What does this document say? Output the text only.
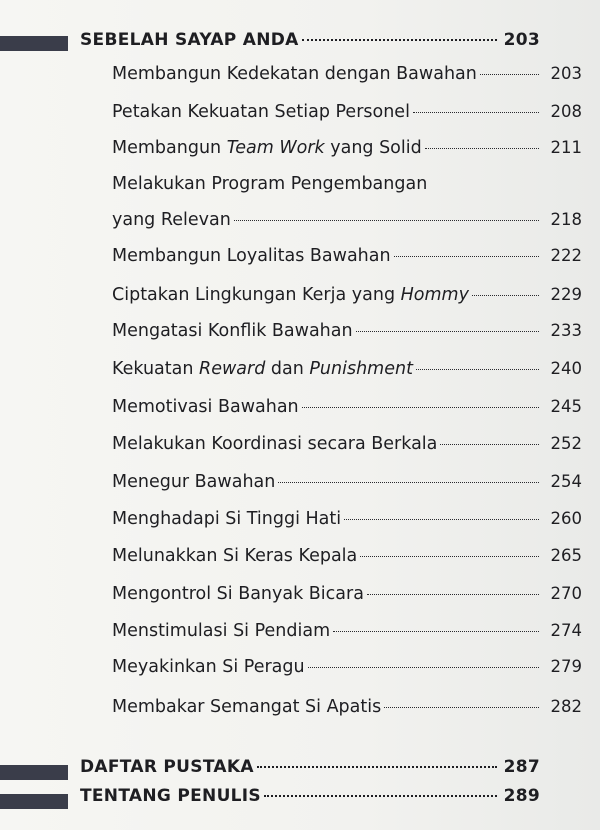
SEBELAH SAYAP ANDA	203
Membangun Kedekatan dengan Bawahan	203
Petakan Kekuatan Setiap Personel	208
Membangun Team Work yang Solid	211
Melakukan Program Pengembangan
yang Relevan	218
Membangun Loyalitas Bawahan	222
Ciptakan Lingkungan Kerja yang Hommy	229
Mengatasi Konflik Bawahan	233
Kekuatan Reward dan Punishment	240
Memotivasi Bawahan	245
Melakukan Koordinasi secara Berkala	252
Menegur Bawahan	254
Menghadapi Si Tinggi Hati	260
Melunakkan Si Keras Kepala	265
Mengontrol Si Banyak Bicara	270
Menstimulasi Si Pendiam	274
Meyakinkan Si Peragu	279
Membakar Semangat Si Apatis	282
DAFTAR PUSTAKA	287
TENTANG PENULIS	289
